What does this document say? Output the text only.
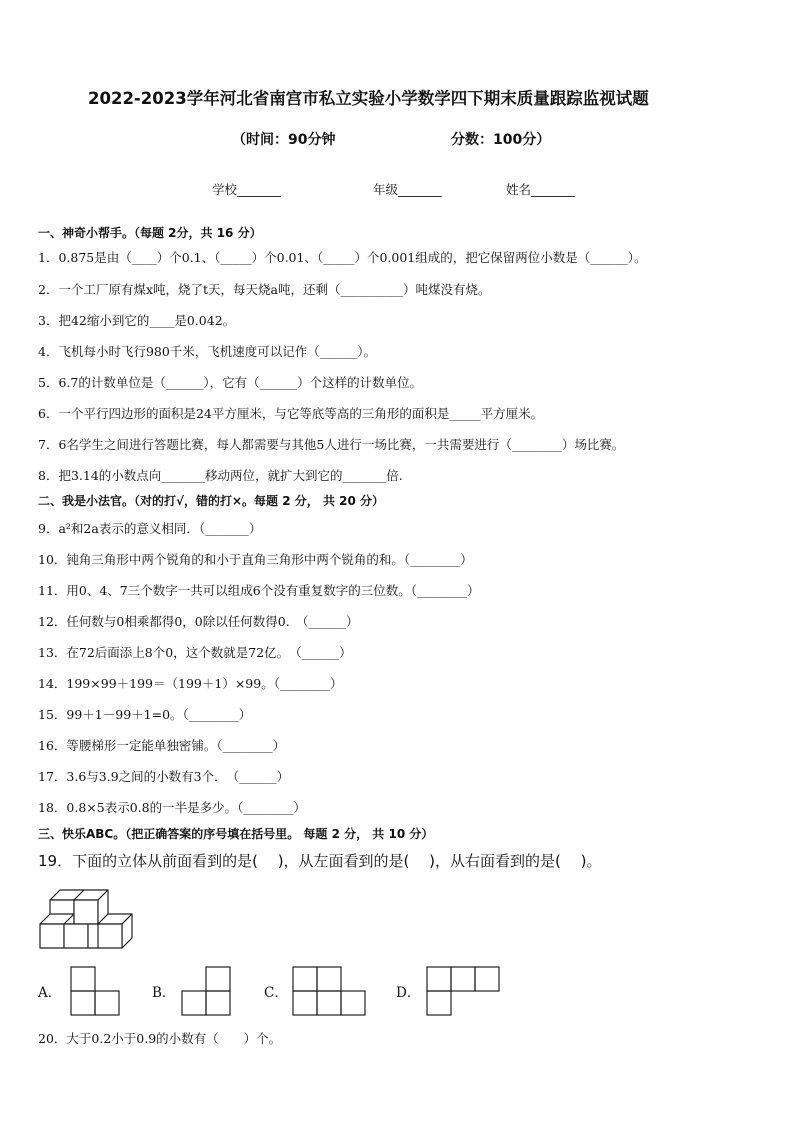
2022-2023学年河北省南宫市私立实验小学数学四下期末质量跟踪监视试题
（时间：90分钟	分数：100分）
学校_______	年级_______	姓名_______
一、神奇小帮手。（每题 2分，共 16 分）
1．0.875是由（____）个0.1、（_____）个0.01、（_____）个0.001组成的，把它保留两位小数是（______）。
2．一个工厂原有煤x吨，烧了t天，每天烧a吨，还剩（__________）吨煤没有烧。
3．把42缩小到它的____是0.042。
4．飞机每小时飞行980千米，飞机速度可以记作（______）。
5．6.7的计数单位是（______），它有（______）个这样的计数单位。
6．一个平行四边形的面积是24平方厘米，与它等底等高的三角形的面积是_____平方厘米。
7．6名学生之间进行答题比赛，每人都需要与其他5人进行一场比赛，一共需要进行（________）场比赛。
8．把3.14的小数点向_______移动两位，就扩大到它的_______倍.
二、我是小法官。（对的打√，错的打×。每题 2 分， 共 20 分）
9．a²和2a表示的意义相同．（_______）
10．钝角三角形中两个锐角的和小于直角三角形中两个锐角的和。（________）
11．用0、4、7三个数字一共可以组成6个没有重复数字的三位数。（________）
12．任何数与0相乘都得0，0除以任何数得0.　（______）
13．在72后面添上8个0，这个数就是72亿。　（______）
14．199×99＋199＝（199＋1）×99。（________）
15．99＋1－99＋1=0。（________）
16．等腰梯形一定能单独密铺。（________）
17．3.6与3.9之间的小数有3个．　（______）
18．0.8×5表示0.8的一半是多少。（________）
三、快乐ABC。（把正确答案的序号填在括号里。 每题 2 分， 共 10 分）
19．下面的立体从前面看到的是(　 )，从左面看到的是(　 )，从右面看到的是(　 )。
A．	B．	C．	D．
20．大于0.2小于0.9的小数有（　　）个。
